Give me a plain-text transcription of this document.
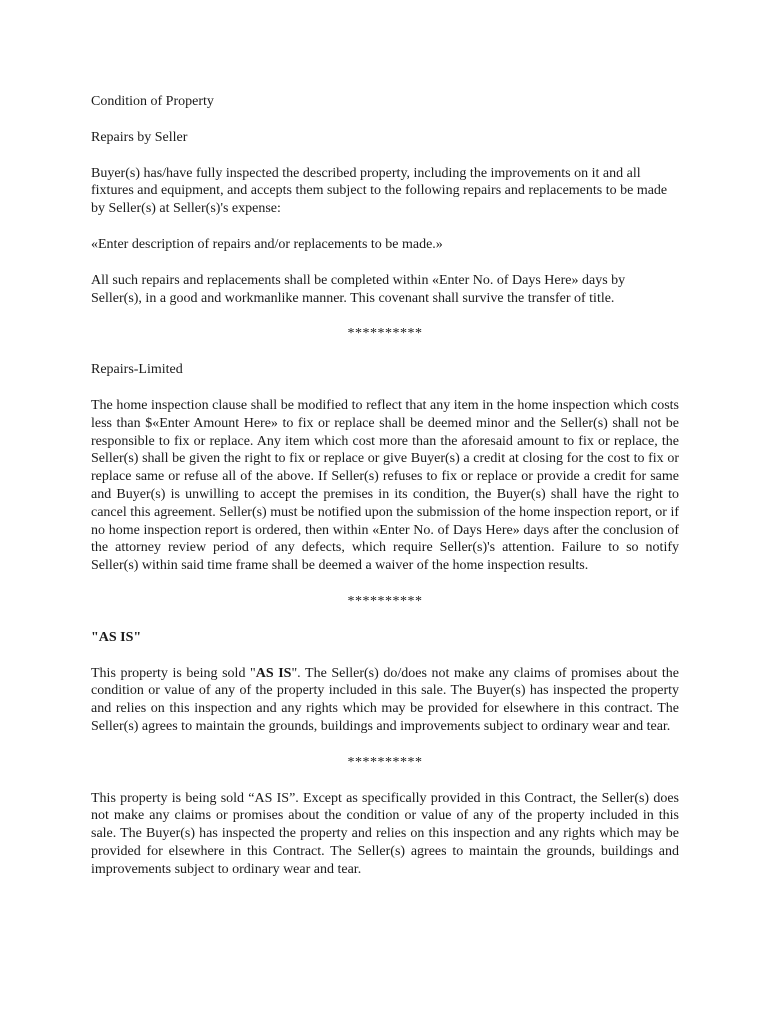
Condition of Property

Repairs by Seller

Buyer(s) has/have fully inspected the described property, including the improvements on it and all fixtures and equipment, and accepts them subject to the following repairs and replacements to be made by Seller(s) at Seller(s)'s expense:

«Enter description of repairs and/or replacements to be made.»

All such repairs and replacements shall be completed within «Enter No. of Days Here» days by Seller(s), in a good and workmanlike manner. This covenant shall survive the transfer of title.

**********

Repairs-Limited

The home inspection clause shall be modified to reflect that any item in the home inspection which costs less than $«Enter Amount Here» to fix or replace shall be deemed minor and the Seller(s) shall not be responsible to fix or replace. Any item which cost more than the aforesaid amount to fix or replace, the Seller(s) shall be given the right to fix or replace or give Buyer(s) a credit at closing for the cost to fix or replace same or refuse all of the above. If Seller(s) refuses to fix or replace or provide a credit for same and Buyer(s) is unwilling to accept the premises in its condition, the Buyer(s) shall have the right to cancel this agreement. Seller(s) must be notified upon the submission of the home inspection report, or if no home inspection report is ordered, then within «Enter No. of Days Here» days after the conclusion of the attorney review period of any defects, which require Seller(s)'s attention. Failure to so notify Seller(s) within said time frame shall be deemed a waiver of the home inspection results.

**********

"AS IS"

This property is being sold "AS IS". The Seller(s) do/does not make any claims of promises about the condition or value of any of the property included in this sale. The Buyer(s) has inspected the property and relies on this inspection and any rights which may be provided for elsewhere in this contract. The Seller(s) agrees to maintain the grounds, buildings and improvements subject to ordinary wear and tear.

**********

This property is being sold “AS IS”. Except as specifically provided in this Contract, the Seller(s) does not make any claims or promises about the condition or value of any of the property included in this sale. The Buyer(s) has inspected the property and relies on this inspection and any rights which may be provided for elsewhere in this Contract. The Seller(s) agrees to maintain the grounds, buildings and improvements subject to ordinary wear and tear.
